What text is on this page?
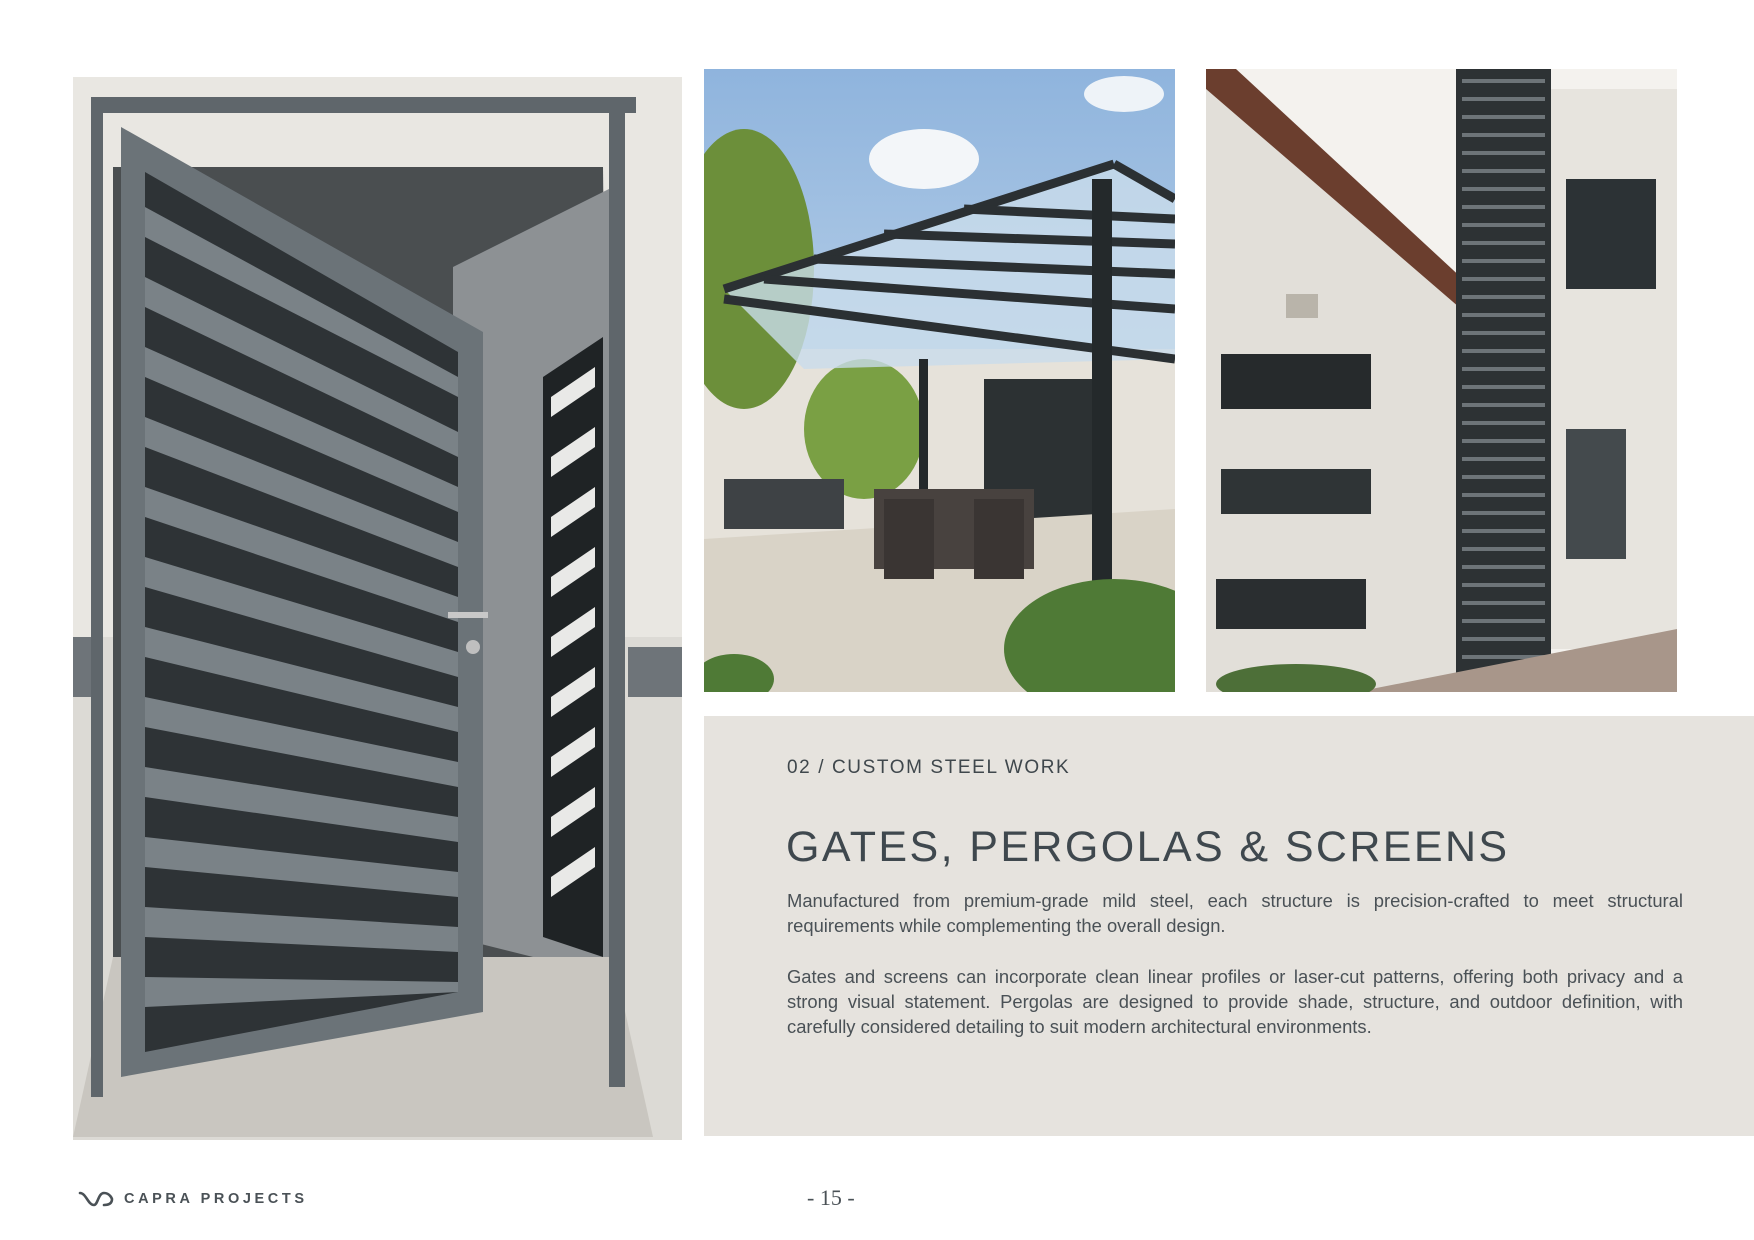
02 / CUSTOM STEEL WORK
GATES, PERGOLAS & SCREENS

Manufactured from premium-grade mild steel, each structure is precision-crafted to meet structural requirements while complementing the overall design.

Gates and screens can incorporate clean linear profiles or laser-cut patterns, offering both privacy and a strong visual statement. Pergolas are designed to provide shade, structure, and outdoor definition, with carefully considered detailing to suit modern architectural environments.

CAPRA PROJECTS	- 15 -
